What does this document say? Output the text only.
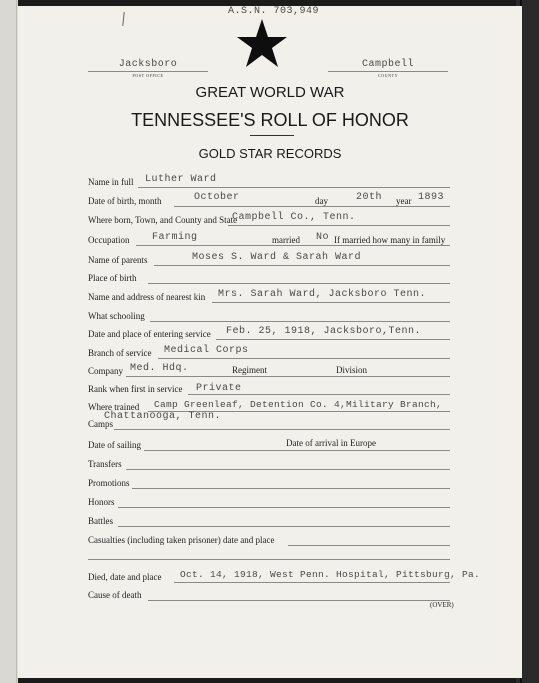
A.S.N. 703,949
Jacksboro
POST OFFICE
Campbell
COUNTY
GREAT WORLD WAR
TENNESSEE'S ROLL OF HONOR
GOLD STAR RECORDS
Name in full Luther Ward
Date of birth, month	October	day	20th year 1893
Where born, Town, and County and State
Campbell Co., Tenn.
Occupation Farming	married No If married how many in family
Name of parents	Moses S. Ward & Sarah Ward
Place of birth
Name and address of nearest kin Mrs. Sarah Ward, Jacksboro Tenn.
What schooling
Date and place of entering service Feb. 25, 1918, Jacksboro,Tenn.
Branch of service Medical Corps
Company Med. Hdq.	Regiment	Division
Rank when first in service Private
Where trained Camp Greenleaf, Detention Co. 4,Military Branch,
Chattanooga, Tenn.
Camps
Date of sailing	Date of arrival in Europe
Transfers
Promotions
Honors
Battles
Casualties (including taken prisoner) date and place
Died, date and place Oct. 14, 1918, West Penn. Hospital, Pittsburg, Pa.
Cause of death
(OVER)
